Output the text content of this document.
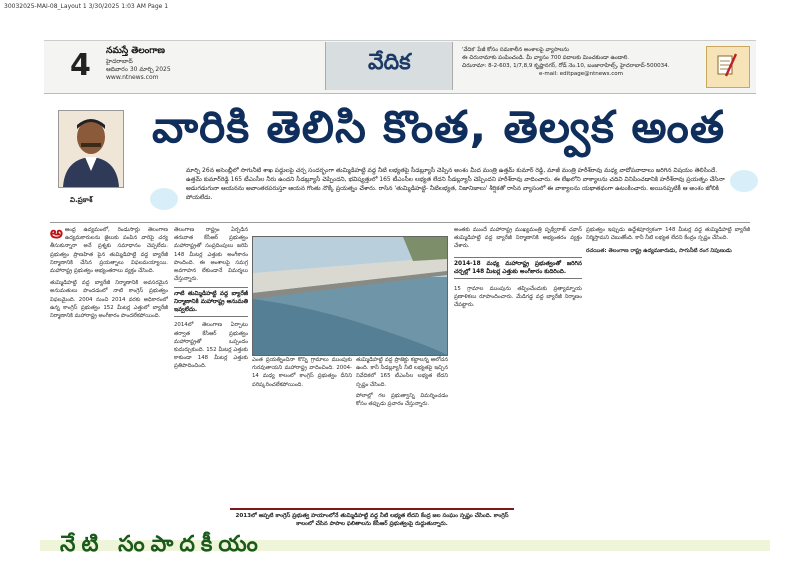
30032025-MAI-08_Layout 1 3/30/2025 1:03 AM Page 1
4 నమస్తే తెలంగాణ
హైదరాబాద్
ఆదివారం 30 మార్చి 2025
www.ntnews.com
వేదిక	'వేదిక' పేజీ కోసం సమకాలీన అంశాలపై వ్యాసాలను
ఈ చిరునామాకు పంపించండి. మీ వ్యాసం 700 పదాలకు మించకుండా ఉండాలి.
చిరునామా: 8-2-603, 1/7,8,9 కృష్ణానగర్, రోడ్ నెం.10, బంజారాహిల్స్, హైదరాబాద్-500034.
e-mail: editpage@ntnews.com
వి.ప్రకాశ్
వారికి తెలిసి కొంత, తెల్వక అంత
మార్చి 26న అసెంబ్లీలో సాగునీటి శాఖ పద్దులపై చర్చ సందర్భంగా తుమ్మిడిహట్టి వద్ద నీటి లభ్యతపై సీడబ్ల్యూసీ చెప్పిన అంశం మీద మంత్రి ఉత్తమ్ కుమార్ రెడ్డి, మాజీ మంత్రి హరీశ్‌రావు మధ్య వాదోపవాదాలు జరిగిన విషయం తెలిసిందే. ఉత్తమ్ కుమార్‌రెడ్డి 165 టీఎంసీల నీరు ఉందని సీడబ్ల్యూసీ చెప్పిందని, భవిష్యత్తులో 165 టీఎంసీల లభ్యత లేదని సీడబ్ల్యూసీ చెప్పిందని హరీశ్‌రావు వాదించారు. ఈ లేఖలోని వాక్యాలను చదివి వినిపించడానికి హరీశ్‌రావు ప్రయత్నం చేసినా అడుగడుగునా ఆయనను అవాంతరపరుస్తూ ఆయన గొంతు నొక్కే ప్రయత్నం చేశారు. రాసిన 'తుమ్మిడిహట్టి- నీటిలభ్యత, నిజానిజాలు' శీర్షికతో రాసిన వ్యాసంలో ఈ వాక్యాలను యథాతథంగా ఉటంకించారు. అయినప్పటికీ ఆ అంశం జోలికి పోయలేదు.
అ ఆంధ్ర ఉద్యమంలో, రెండుసార్లు తెలంగాణ ఉద్యమకారులను జైలుకు పంపిన వారిపై చర్య తీసుకున్నారా అనే ప్రశ్నకు సమాధానం చెప్పలేదు. ప్రభుత్వం ప్రాణహిత పైన తుమ్మిడిహట్టి వద్ద బ్యారేజీ నిర్మాణానికి చేసిన ప్రయత్నాలు విఫలమయ్యాయి. మహారాష్ట్ర ప్రభుత్వం అభ్యంతరాలు వ్యక్తం చేసింది.
తుమ్మిడిహట్టి వద్ద బ్యారేజీ నిర్మాణానికి అవసరమైన అనుమతులు పొందడంలో నాటి కాంగ్రెస్ ప్రభుత్వం విఫలమైంది. 2004 నుంచి 2014 వరకు అధికారంలో ఉన్న కాంగ్రెస్ ప్రభుత్వం 152 మీటర్ల ఎత్తులో బ్యారేజీ నిర్మాణానికి మహారాష్ట్ర అంగీకారం పొందలేకపోయింది.
తెలంగాణ రాష్ట్రం ఏర్పడిన తరువాత కేసీఆర్ ప్రభుత్వం మహారాష్ట్రతో సంప్రదింపులు జరిపి 148 మీటర్ల ఎత్తుకు అంగీకారం పొందింది. ఈ అంశాలపై సమగ్ర అవగాహన లేకుండానే విమర్శలు చేస్తున్నారు.
నాటి తుమ్మిడిహట్టి వద్ద బ్యారేజీ నిర్మాణానికి మహారాష్ట్ర అనుమతి ఇవ్వలేదు.
2014లో తెలంగాణ ఏర్పాటు తర్వాత కేసీఆర్ ప్రభుత్వం మహారాష్ట్రతో ఒప్పందం కుదుర్చుకుంది. 152 మీటర్ల ఎత్తుకు కాకుండా 148 మీటర్ల ఎత్తుకు ప్రతిపాదించింది.
ఎంత ప్రయత్నించినా కొన్ని గ్రామాలు ముంపుకు గురవుతాయని మహారాష్ట్ర వాదించింది. 2004-14 మధ్య కాలంలో కాంగ్రెస్ ప్రభుత్వం దీనిని పరిష్కరించలేకపోయింది.
తుమ్మిడిహట్టి వద్ద ప్రాజెక్టు కట్టాలన్న ఆలోచన ఉంది. కానీ సీడబ్ల్యూసీ నీటి లభ్యతపై ఇచ్చిన నివేదికలో 165 టీఎంసీల లభ్యత లేదని స్పష్టం చేసింది.
పోలాల్లో గల ప్రభుత్వాన్ని విమర్శించడం కోసం తప్పుడు ప్రచారం చేస్తున్నారు.
అంతకు ముందే మహారాష్ట్ర ముఖ్యమంత్రి పృథ్వీరాజ్ చవాన్ తుమ్మిడిహట్టి వద్ద బ్యారేజీ నిర్మాణానికి అభ్యంతరం వ్యక్తం చేశారు.
2014-18 మధ్య మహారాష్ట్ర ప్రభుత్వంతో జరిగిన చర్చల్లో 148 మీటర్ల ఎత్తుకు అంగీకారం కుదిరింది.
15 గ్రామాల ముంపును తప్పించేందుకు ప్రత్యామ్నాయ ప్రణాళికలు రూపొందించారు. మేడిగడ్డ వద్ద బ్యారేజీ నిర్మాణం చేపట్టారు.
ప్రభుత్వం ఇప్పుడు ఉద్దేశపూర్వకంగా 148 మీటర్ల వద్ద తుమ్మిడిహట్టి బ్యారేజీ నిర్మిస్తామని చెబుతోంది. కానీ నీటి లభ్యత లేదని కేంద్రం స్పష్టం చేసింది.
రచయిత: తెలంగాణ రాష్ట్ర ఉద్యమకారుడు, సాగునీటి రంగ నిపుణుడు
2013లో అప్పటి కాంగ్రెస్ ప్రభుత్వ హయాంలోనే తుమ్మిడిహట్టి వద్ద నీటి లభ్యత లేదని కేంద్ర జల సంఘం స్పష్టం చేసింది. కాంగ్రెస్ కాలంలో చేసిన పాపాల ఫలితాలను కేసీఆర్ ప్రభుత్వంపై రుద్దుతున్నారు.
నేటి సంపాదకీయం
